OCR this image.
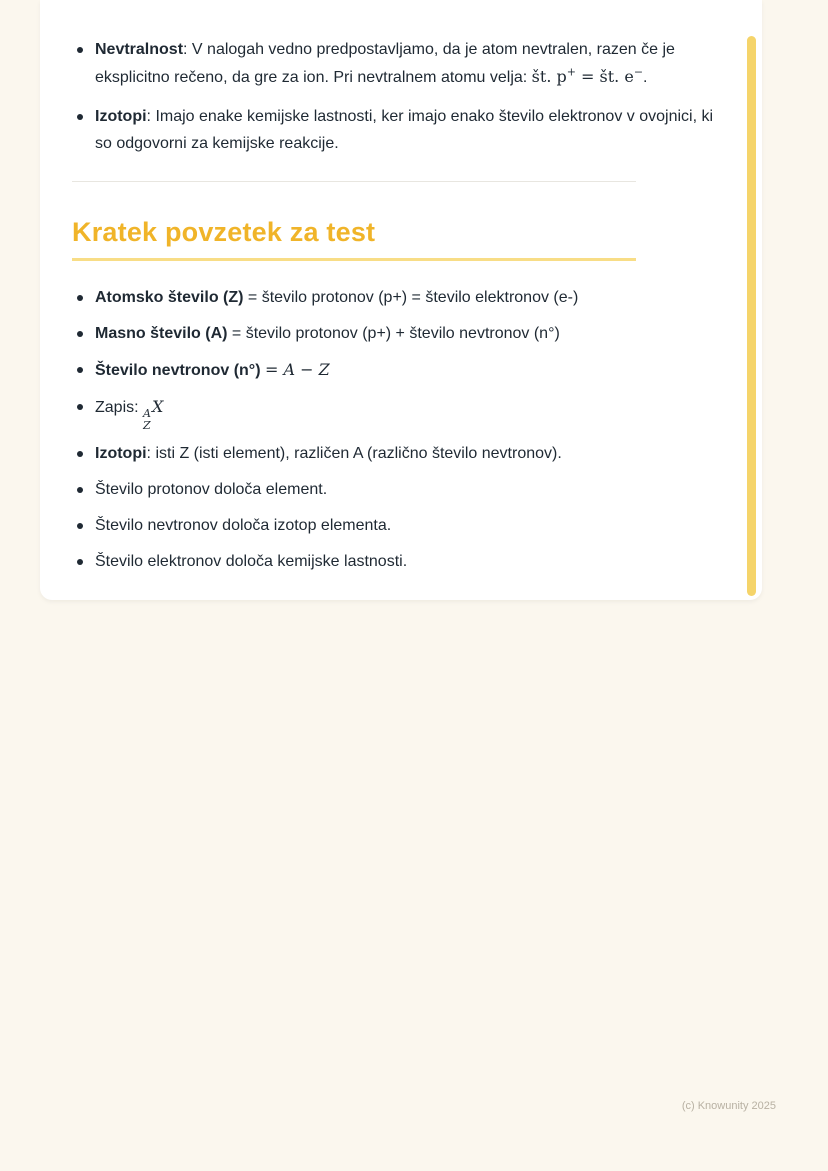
Nevtralnost: V nalogah vedno predpostavljamo, da je atom nevtralen, razen če je eksplicitno rečeno, da gre za ion. Pri nevtralnem atomu velja: št. p+ = št. e−.
Izotopi: Imajo enake kemijske lastnosti, ker imajo enako število elektronov v ovojnici, ki so odgovorni za kemijske reakcije.
Kratek povzetek za test
Atomsko število (Z) = število protonov (p+) = število elektronov (e-)
Masno število (A) = število protonov (p+) + število nevtronov (n°)
Število nevtronov (n°) = A − Z
Zapis: A
Z
X
Izotopi: isti Z (isti element), različen A (različno število nevtronov).
Število protonov določa element.
Število nevtronov določa izotop elementa.
Število elektronov določa kemijske lastnosti.
(c) Knowunity 2025
